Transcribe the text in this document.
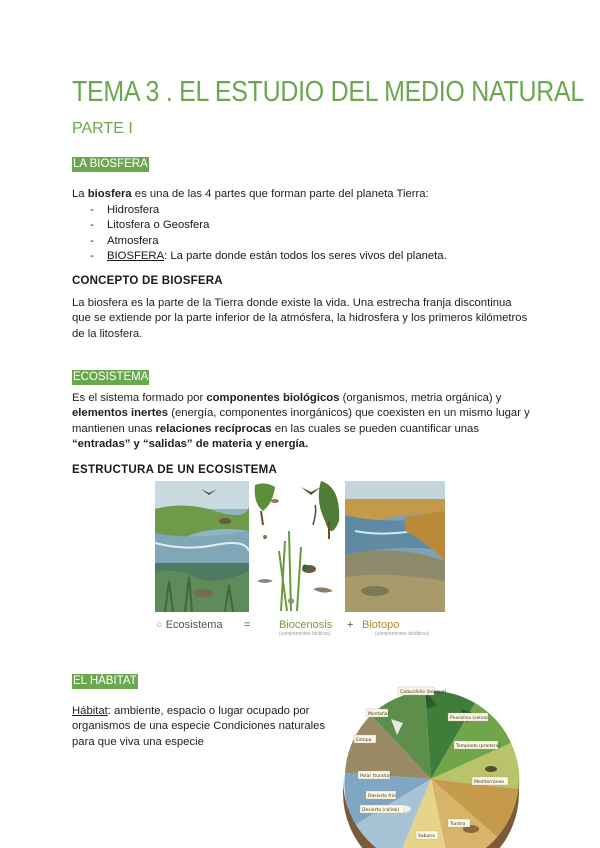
TEMA 3 . EL ESTUDIO DEL MEDIO NATURAL
PARTE I
LA BIOSFERA

La biosfera es una de las 4 partes que forman parte del planeta Tierra:

- Hidrosfera
- Litosfera o Geosfera
- Atmosfera
- BIOSFERA: La parte donde están todos los seres vivos del planeta.
CONCEPTO DE BIOSFERA

La biosfera es la parte de la Tierra donde existe la vida. Una estrecha franja discontinua que se extiende por la parte inferior de la atmósfera, la hidrosfera y los primeros kilómetros de la litosfera.

ECOSISTEMA

Es el sistema formado por componentes biológicos (organismos, metria orgánica) y elementos inertes (energía, componentes inorgánicos) que coexisten en un mismo lugar y mantienen unas relaciones recíprocas en las cuales se pueden cuantificar unas “entradas” y “salidas” de materia y energía.

ESTRUCTURA DE UN ECOSISTEMA
○ Ecosistema =	Biocenosis
(componentes bióticos)
+ Biotopo
(componentes abióticos)
EL HÁBITAT

Hábitat: ambiente, espacio o lugar ocupado por organismos de una especie Condiciones naturales para que viva una especie

Caducifolio (bosque)
Montaña
Pluvisilva (selva)
Estepa
Templado (pradera)
Polar (tundra)
Mediterráneo
Desierto (cálido)
Tundra
Sabana
Desierto frío
